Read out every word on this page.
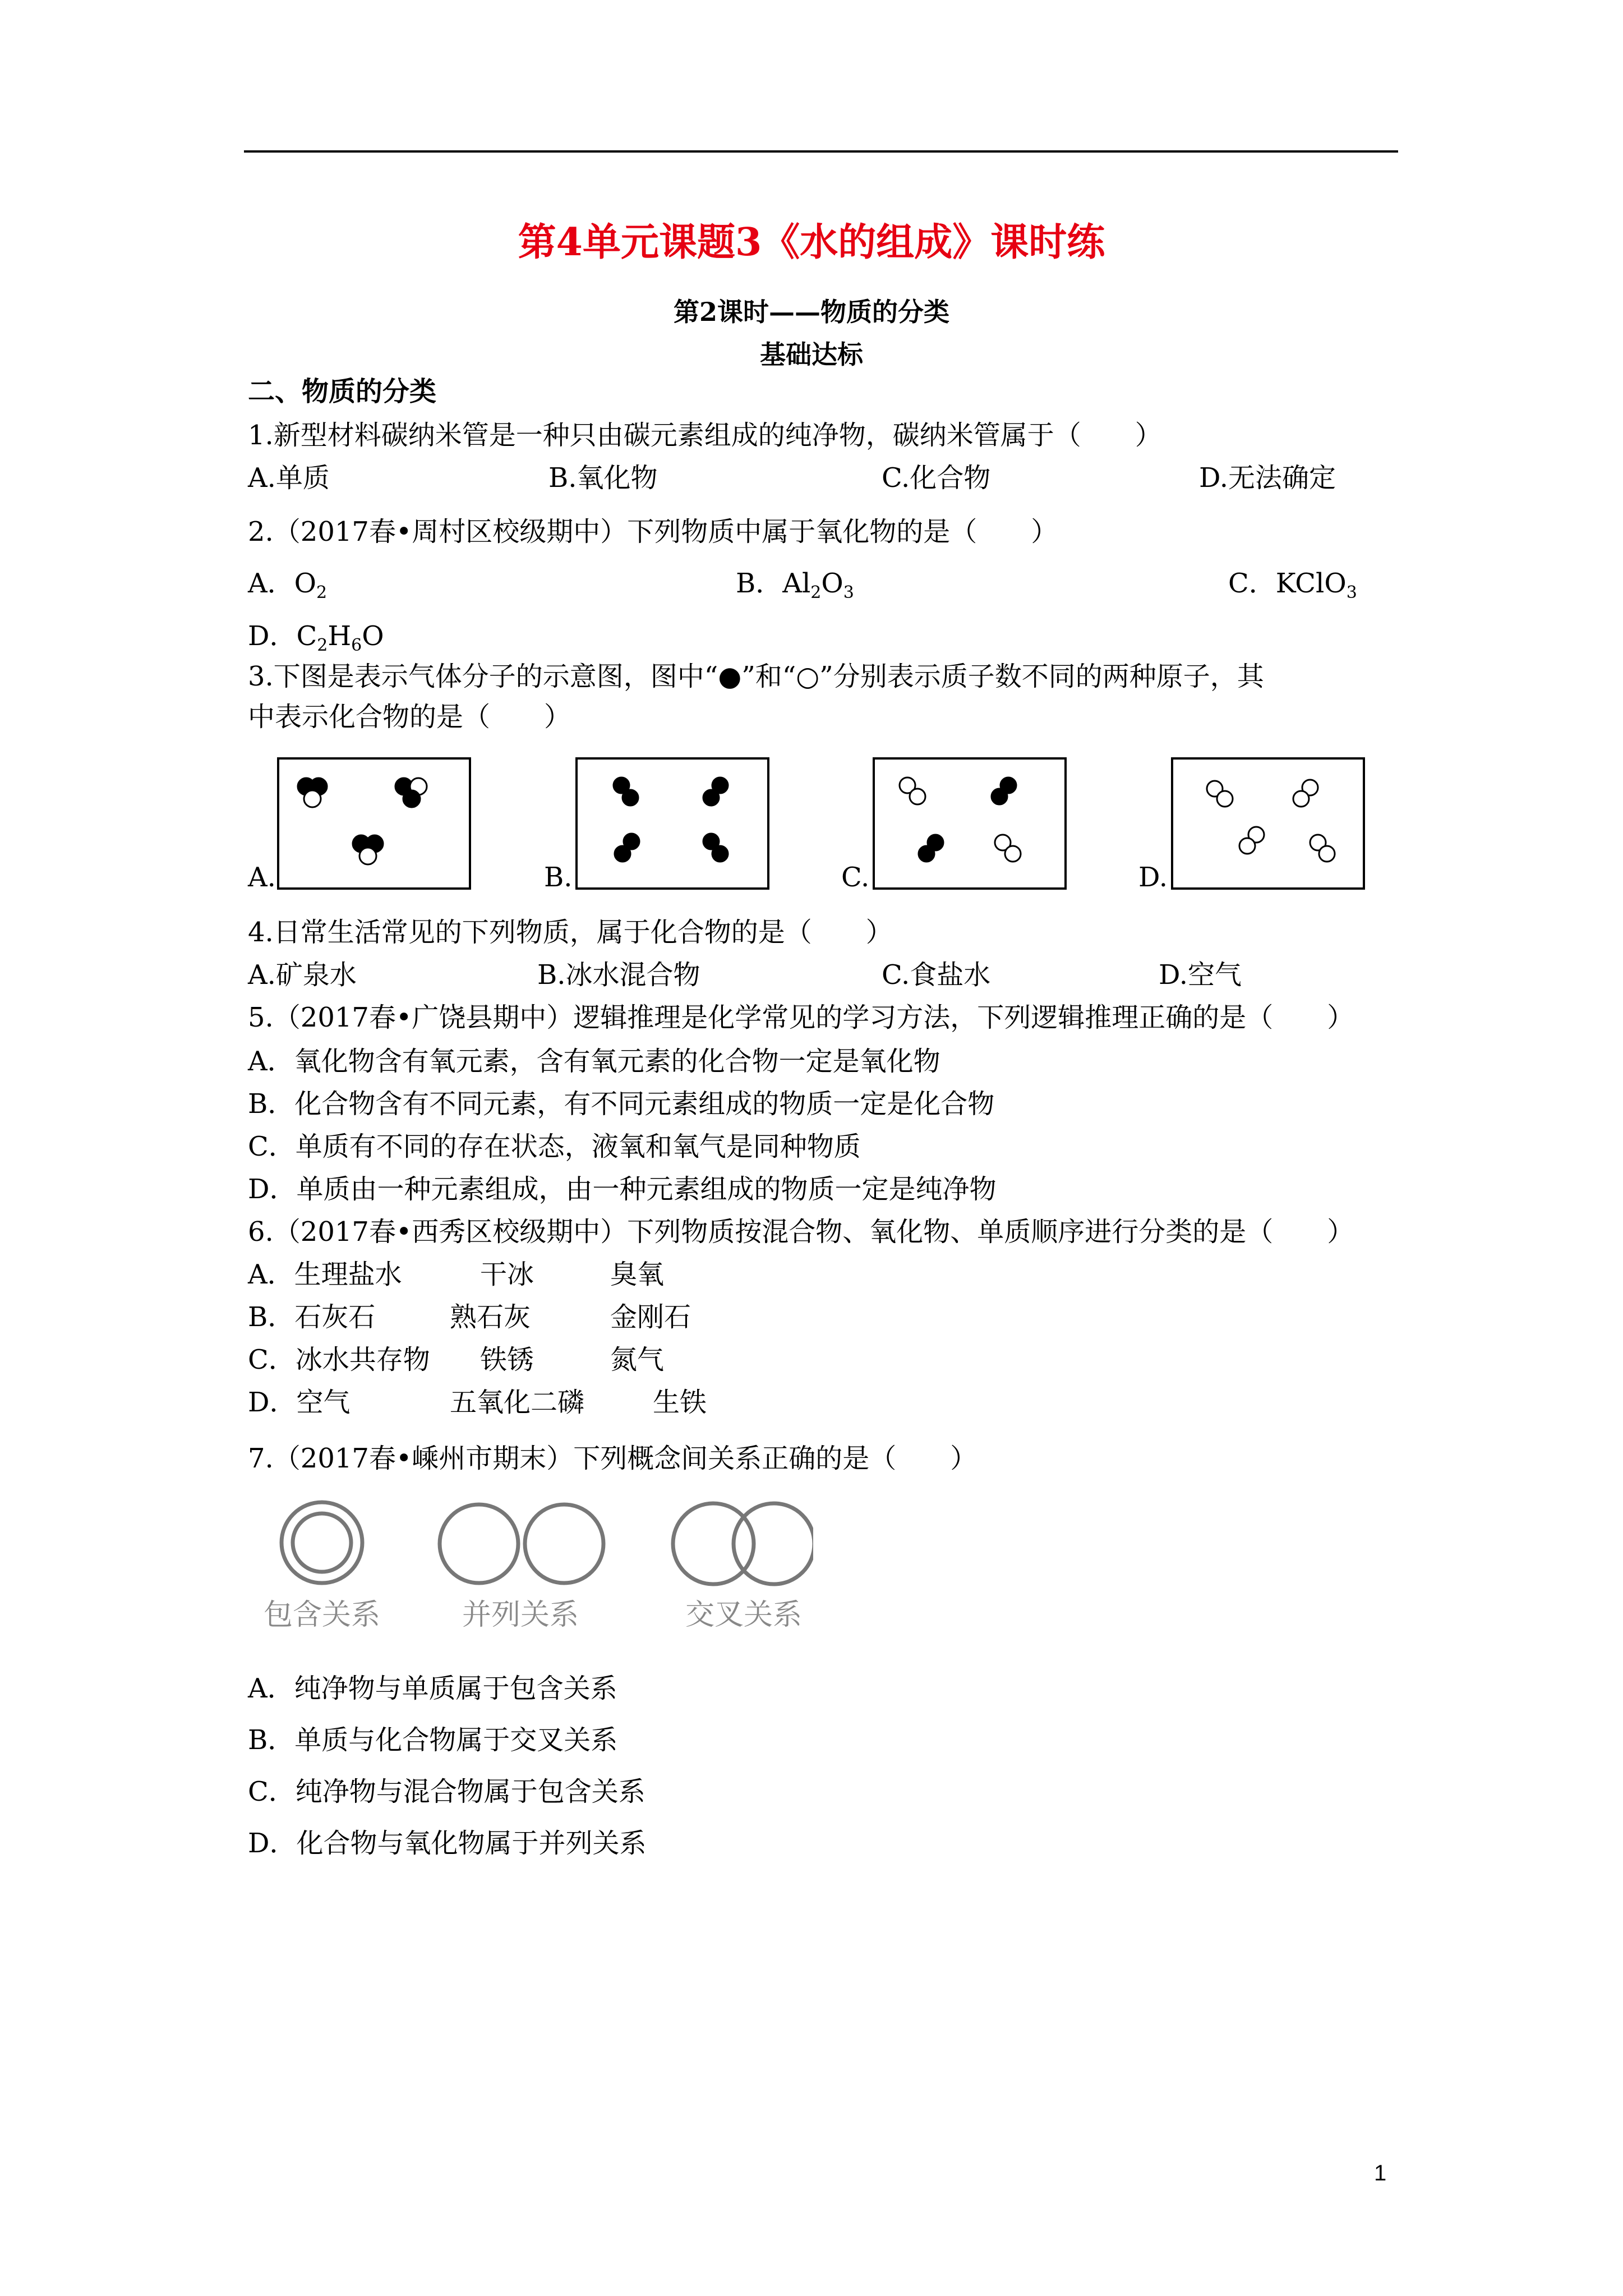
第4单元课题3《水的组成》课时练
第2课时——物质的分类
基础达标
二、物质的分类
1.新型材料碳纳米管是一种只由碳元素组成的纯净物，碳纳米管属于（　　）
A.单质	B.氧化物	C.化合物	D.无法确定
2.（2017春•周村区校级期中）下列物质中属于氧化物的是（　　）
A．$O_2$	B．$Al_2O_3$	C．KClO$_3$
D．$C_2H_6O$
3.下图是表示气体分子的示意图，图中“●”和“○”分别表示质子数不同的两种原子，其
中表示化合物的是（　　）
A.	B.	C.	D.
4.日常生活常见的下列物质，属于化合物的是（　　）
A.矿泉水	B.冰水混合物	C.食盐水	D.空气
5.（2017春•广饶县期中）逻辑推理是化学常见的学习方法，下列逻辑推理正确的是（　　）
A．氧化物含有氧元素，含有氧元素的化合物一定是氧化物
B．化合物含有不同元素，有不同元素组成的物质一定是化合物
C．单质有不同的存在状态，液氧和氧气是同种物质
D．单质由一种元素组成，由一种元素组成的物质一定是纯净物
6.（2017春•西秀区校级期中）下列物质按混合物、氧化物、单质顺序进行分类的是（　　）
A．生理盐水	干冰	臭氧
B．石灰石	熟石灰	金刚石
C．冰水共存物 铁锈	氮气
D．空气	五氧化二磷	生铁
7.（2017春•嵊州市期末）下列概念间关系正确的是（　　）
包含关系	并列关系	交叉关系
A．纯净物与单质属于包含关系
B．单质与化合物属于交叉关系
C．纯净物与混合物属于包含关系
D．化合物与氧化物属于并列关系
1
